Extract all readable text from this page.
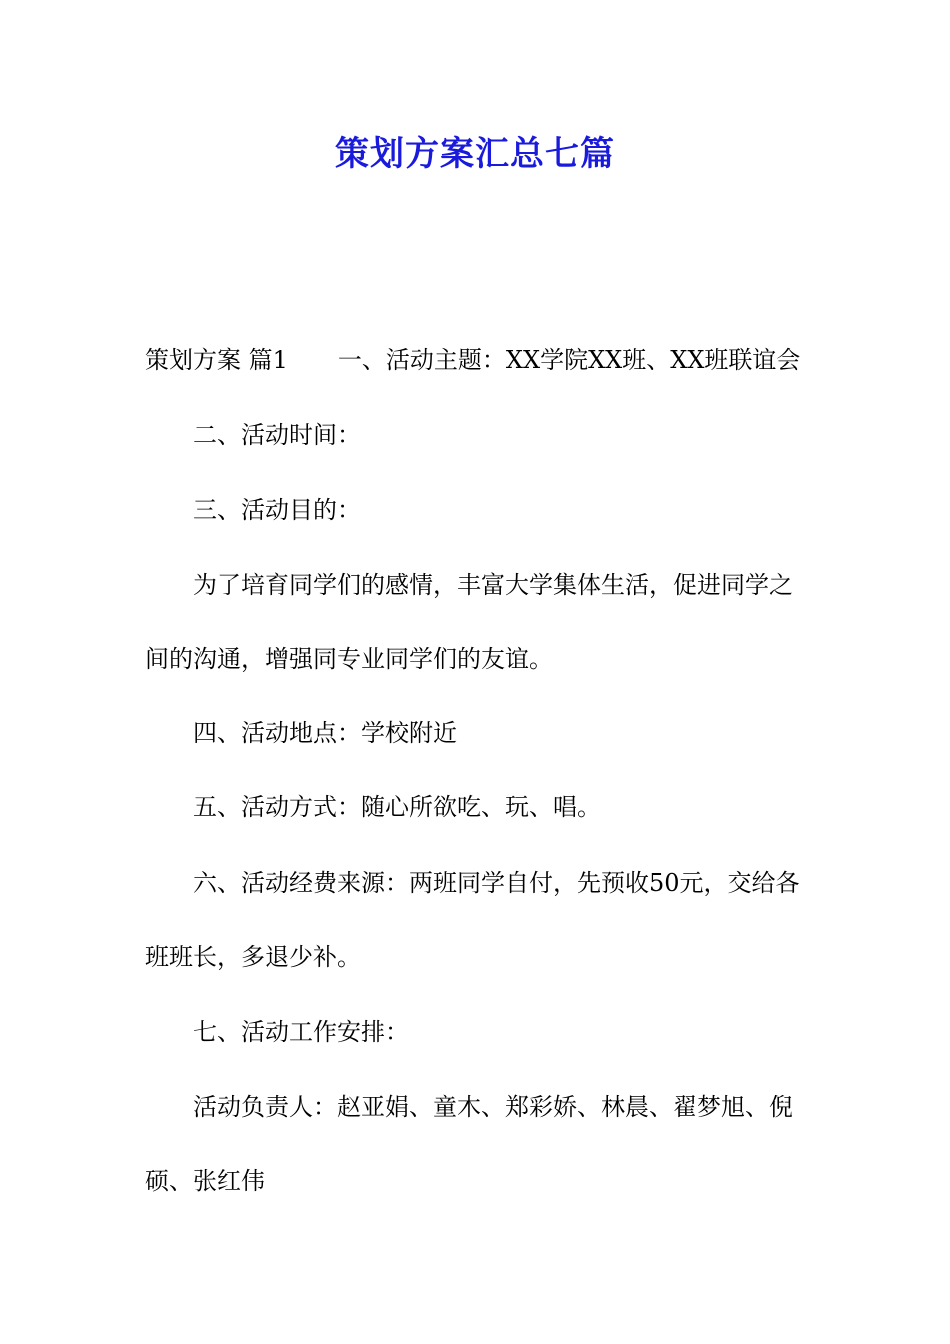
策划方案汇总七篇
策划方案 篇1 一、活动主题：XX学院XX班、XX班联谊会
二、活动时间：
三、活动目的：
为了培育同学们的感情，丰富大学集体生活，促进同学之
间的沟通，增强同专业同学们的友谊。
四、活动地点：学校附近
五、活动方式：随心所欲吃、玩、唱。
六、活动经费来源：两班同学自付，先预收50元，交给各
班班长，多退少补。
七、活动工作安排：
活动负责人：赵亚娟、童木、郑彩娇、林晨、翟梦旭、倪
硕、张红伟
